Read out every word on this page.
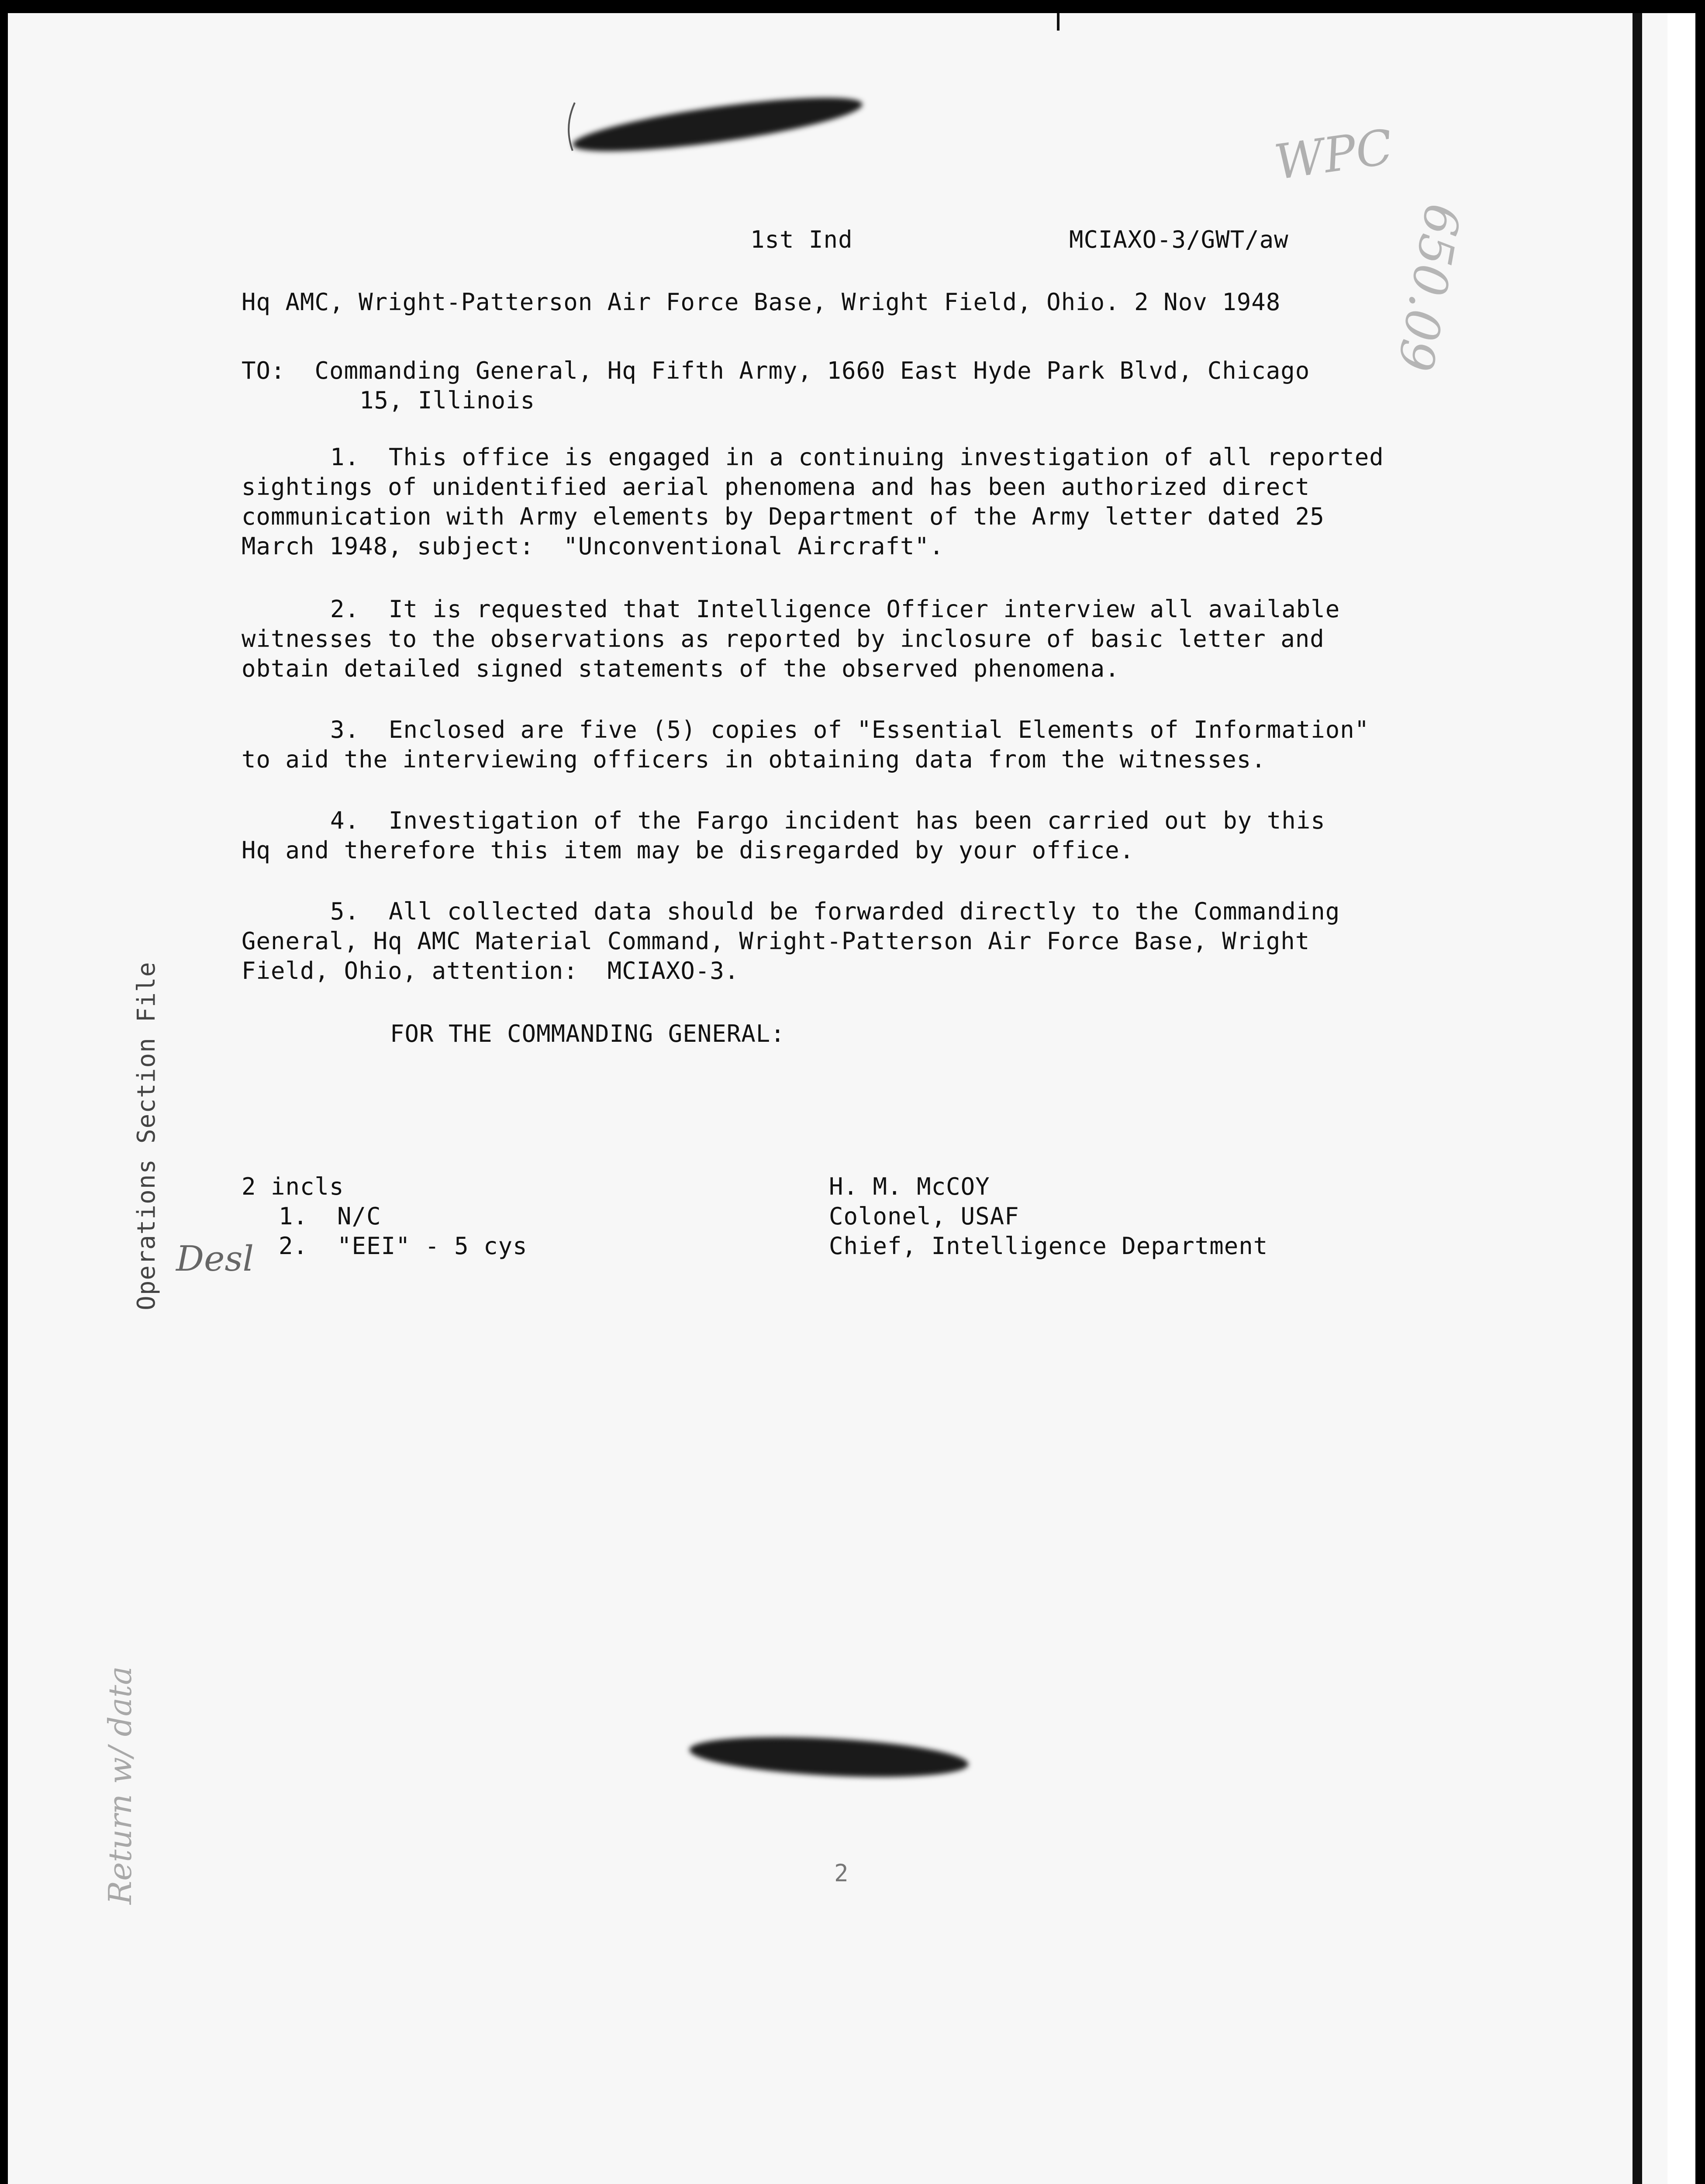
WPC
650.09
Return w/ data
Desl
Operations Section File
1st Ind	MCIAXO-3/GWT/aw
Hq AMC, Wright-Patterson Air Force Base, Wright Field, Ohio. 2 Nov 1948
TO:  Commanding General, Hq Fifth Army, 1660 East Hyde Park Blvd, Chicago
15, Illinois
1.  This office is engaged in a continuing investigation of all reported
sightings of unidentified aerial phenomena and has been authorized direct
communication with Army elements by Department of the Army letter dated 25
March 1948, subject:  "Unconventional Aircraft".
2.  It is requested that Intelligence Officer interview all available
witnesses to the observations as reported by inclosure of basic letter and
obtain detailed signed statements of the observed phenomena.
3.  Enclosed are five (5) copies of "Essential Elements of Information"
to aid the interviewing officers in obtaining data from the witnesses.
4.  Investigation of the Fargo incident has been carried out by this
Hq and therefore this item may be disregarded by your office.
5.  All collected data should be forwarded directly to the Commanding
General, Hq AMC Material Command, Wright-Patterson Air Force Base, Wright
Field, Ohio, attention:  MCIAXO-3.
FOR THE COMMANDING GENERAL:
2 incls
1.  N/C
2.  "EEI" - 5 cys
H. M. McCOY
Colonel, USAF
Chief, Intelligence Department
2
